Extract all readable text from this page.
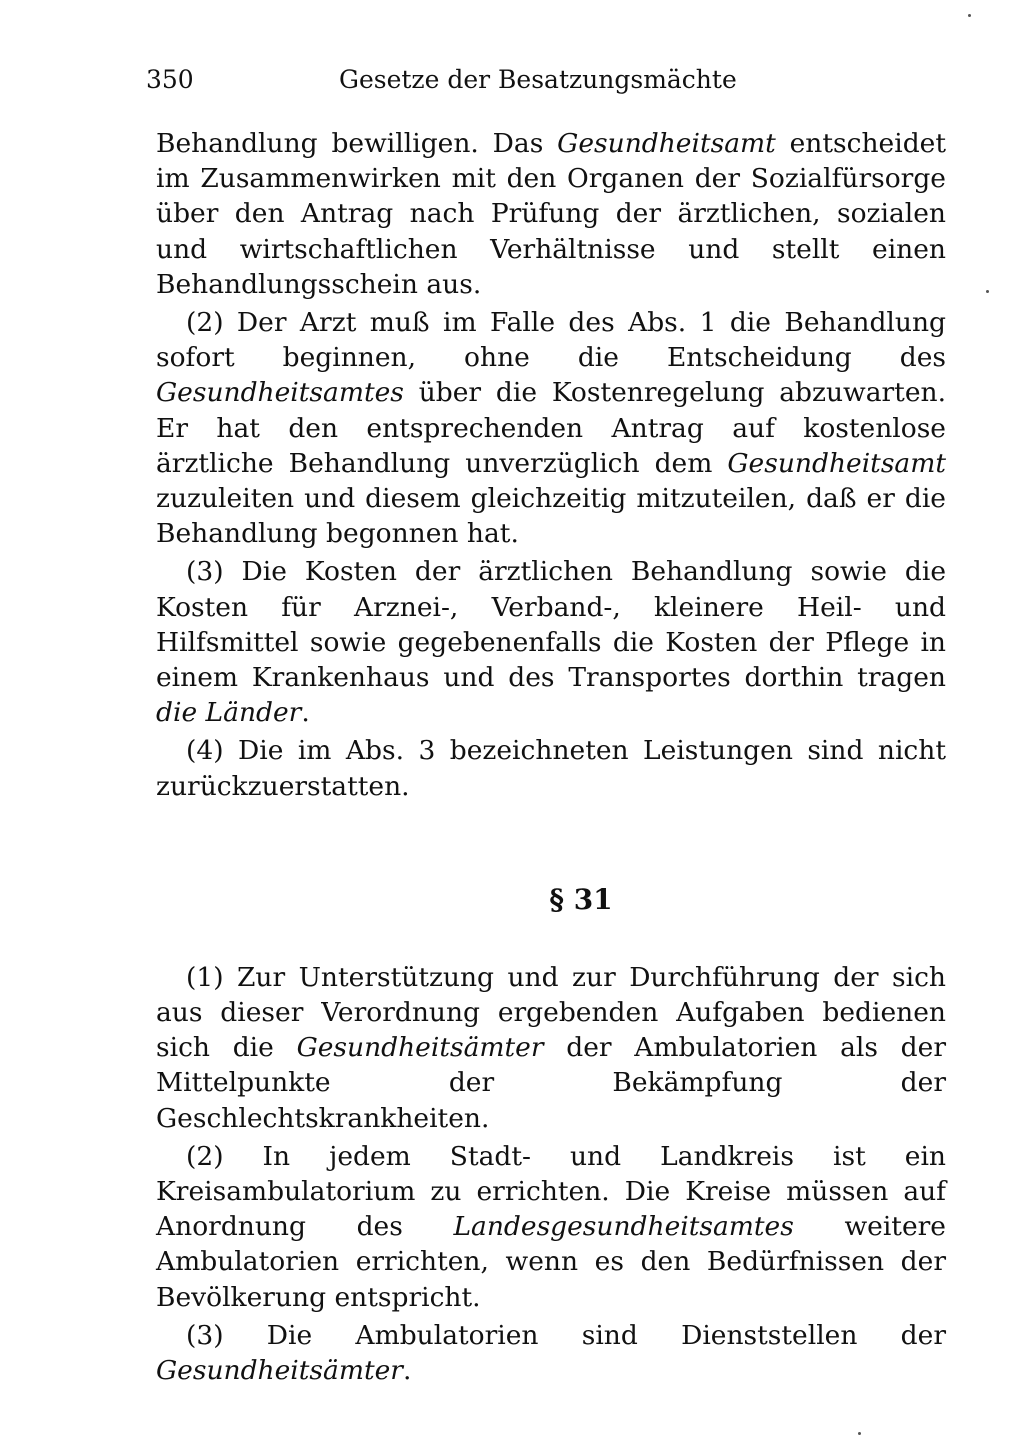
350	Gesetze der Besatzungsmächte

Behandlung bewilligen. Das Gesundheitsamt entscheidet im Zusammenwirken mit den Organen der Sozialfürsorge über den Antrag nach Prüfung der ärztlichen, sozialen und wirtschaftlichen Verhältnisse und stellt einen Behandlungsschein aus.

(2) Der Arzt muß im Falle des Abs. 1 die Behandlung sofort beginnen, ohne die Entscheidung des Gesundheitsamtes über die Kostenregelung abzuwarten. Er hat den entsprechenden Antrag auf kostenlose ärztliche Behandlung unverzüglich dem Gesundheitsamt zuzuleiten und diesem gleichzeitig mitzuteilen, daß er die Behandlung begonnen hat.

(3) Die Kosten der ärztlichen Behandlung sowie die Kosten für Arznei-, Verband-, kleinere Heil- und Hilfsmittel sowie gegebenenfalls die Kosten der Pflege in einem Krankenhaus und des Transportes dorthin tragen die Länder.

(4) Die im Abs. 3 bezeichneten Leistungen sind nicht zurückzuerstatten.

§ 31

(1) Zur Unterstützung und zur Durchführung der sich aus dieser Verordnung ergebenden Aufgaben bedienen sich die Gesundheitsämter der Ambulatorien als der Mittelpunkte der Bekämpfung der Geschlechtskrankheiten.

(2) In jedem Stadt- und Landkreis ist ein Kreisambulatorium zu errichten. Die Kreise müssen auf Anordnung des Landesgesundheitsamtes weitere Ambulatorien errichten, wenn es den Bedürfnissen der Bevölkerung entspricht.

(3) Die Ambulatorien sind Dienststellen der Gesundheitsämter.
